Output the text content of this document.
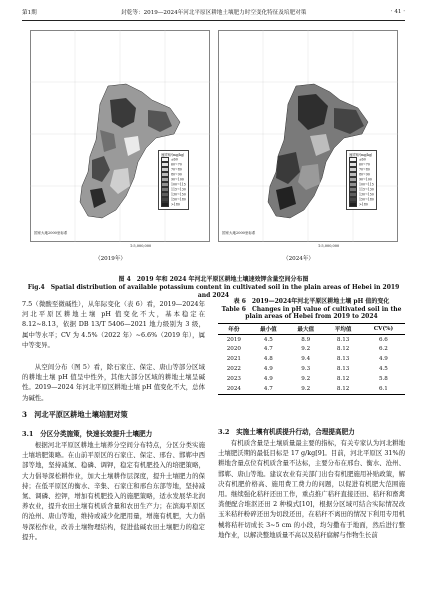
第1期	封乾等：2019—2024年河北平原区耕地土壤肥力时空变化特征及培肥对策	· 41 ·
速效钾/(mg/kg)
≤60
60~70
70~80
80~90
90~100
100~115
115~130
130~150
150~180
>180
国家大地2000坐标系
1:5,000,000
（2019年）
速效钾/(mg/kg)
≤60
60~70
70~80
80~90
90~100
100~115
115~130
130~150
150~180
>180
国家大地2000坐标系
1:5,000,000
（2024年）
图 4　2019 年和 2024 年河北平原区耕地土壤速效钾含量空间分布图
Fig.4　Spatial distribution of available potassium content in cultivated soil in the plain areas of Hebei in 2019 and 2024
7.5（微酸至微碱性），从年际变化（表 6）看，2019—2024年河北平原区耕地土壤 pH 值变化不大，基本稳定在 8.12~8.13，依据 DB 13/T 5406—2021 地力级别为 3 级，属中等水平；CV 为 4.5%（2022 年）~6.6%（2019 年），属中等变异。
从空间分布（图 5）看，除石家庄、保定、唐山等部分区域的耕地土壤 pH 值呈中性外，其他大部分区域的耕地土壤呈碱性。2019—2024 年河北平原区耕地土壤 pH 值变化不大，总体为碱性。
3　河北平原区耕地土壤培肥对策
3.1　分区分类施策，快速长效提升土壤肥力
根据河北平原区耕地土壤养分空间分布特点，分区分类实施土壤培肥策略。在山前平原区的石家庄、保定、邢台、邯郸中西部等地，坚持减氮、稳磷、调钾，稳定有机肥投入的培肥策略，大力倡导深松耕作业，加大土壤耕作层深度，提升土壤肥力的保持；在低平原区的衡水、辛集、石家庄和邢台东部等地，坚持减氮、调磷、控钾，增加有机肥投入的施肥策略，适水发展华北润养农业，提升农田土壤有机质含量和农田生产力；在滨海平原区的沧州、唐山等地，维持或减少化肥用量，增施有机肥，大力倡导深松作业，改善土壤物理结构，促进盐碱农田土壤肥力的稳定提升。
表 6　2019—2024年河北平原区耕地土壤 pH 值的变化
Table 6　Changes in pH value of cultivated soil in the plain areas of Hebei from 2019 to 2024
年份	最小值	最大值	平均值	CV(%)
2019	4.5	8.9	8.13	6.6
2020	4.7	9.2	8.12	6.2
2021	4.8	9.4	8.13	4.9
2022	4.9	9.3	8.13	4.5
2023	4.9	9.2	8.12	5.8
2024	4.7	9.2	8.12	6.1
3.2　实施土壤有机质提升行动，合理提高肥力
有机质含量是土壤质量最主要的指标，有关专家认为河北耕地土壤肥沃期的最低目标是 17 g/kg[9]。目前，河北平原区 31%的耕地含量点位有机质含量不达标，主要分布在邢台、衡水、沧州、邯郸、唐山等地。建议农业有关部门出台有机肥施用补贴政策，解决有机肥价格高、施用费工费力的问题，以促进有机肥大范围施用。继续强化秸秆还田工作，重点推广秸秆直接还田、秸秆和畜禽粪便配合堆沤还田 2 种模式[10]，根据分区域可结合实际情况改玉米秸秆粉碎还田为切段还田，在秸秆不离田的情况下利用专用机械将秸秆切成长 3~5 cm 的小段，均匀撒布于地面，然后进行整地作业，以解决整地质量不高以及秸秆腐解与作物生长前
